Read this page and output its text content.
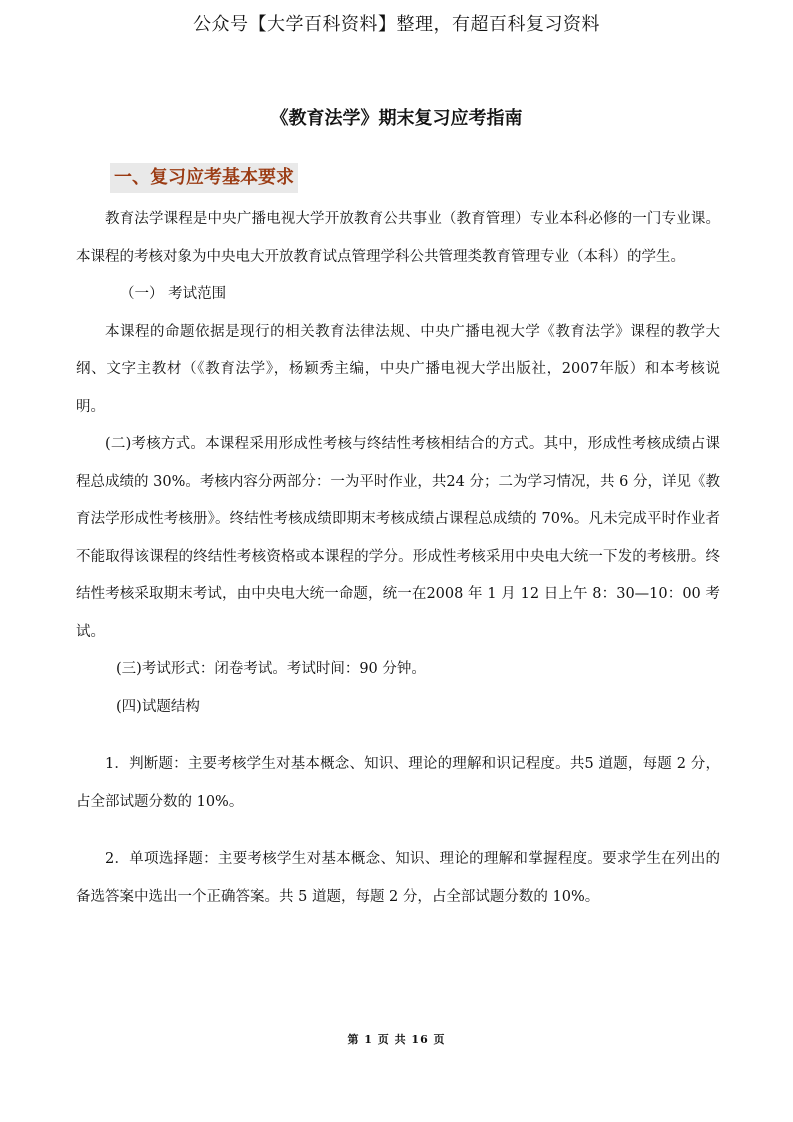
公众号【大学百科资料】整理，有超百科复习资料
《教育法学》期末复习应考指南
一、复习应考基本要求

教育法学课程是中央广播电视大学开放教育公共事业（教育管理）专业本科必修的一门专业课。 本课程的考核对象为中央电大开放教育试点管理学科公共管理类教育管理专业（本科）的学生。

（一） 考试范围

本课程的命题依据是现行的相关教育法律法规、中央广播电视大学《教育法学》课程的教学大纲、文字主教材（《教育法学》，杨颖秀主编，中央广播电视大学出版社，2007年版）和本考核说明。

(二)考核方式。本课程采用形成性考核与终结性考核相结合的方式。其中，形成性考核成绩占课程总成绩的 30%。考核内容分两部分：一为平时作业，共24 分；二为学习情况，共 6 分，详见《教育法学形成性考核册》。终结性考核成绩即期末考核成绩占课程总成绩的 70%。凡未完成平时作业者不能取得该课程的终结性考核资格或本课程的学分。形成性考核采用中央电大统一下发的考核册。终结性考核采取期末考试，由中央电大统一命题，统一在2008 年 1 月 12 日上午 8：30—10：00 考试。

(三)考试形式：闭卷考试。考试时间：90 分钟。

(四)试题结构

1．判断题：主要考核学生对基本概念、知识、理论的理解和识记程度。共5 道题，每题 2 分，占全部试题分数的 10%。

2．单项选择题：主要考核学生对基本概念、知识、理论的理解和掌握程度。要求学生在列出的备选答案中选出一个正确答案。共 5 道题，每题 2 分，占全部试题分数的 10%。

第 1 页 共 16 页
